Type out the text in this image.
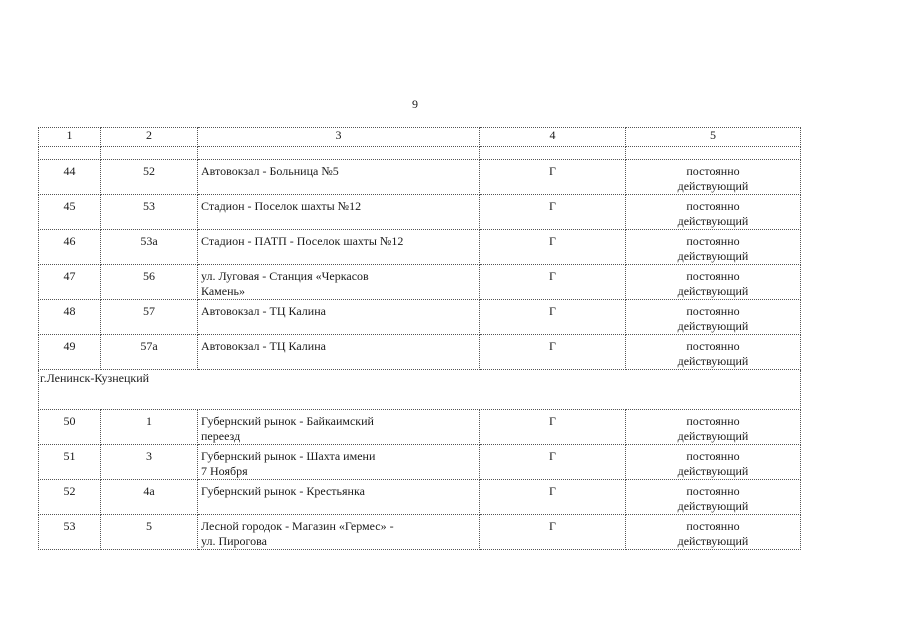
9
1	2	3	4	5

44	52	Автовокзал - Больница №5	Г	постоянно
действующий

45	53	Стадион - Поселок шахты №12	Г	постоянно
действующий

46	53а	Стадион - ПАТП - Поселок шахты №12	Г	постоянно
действующий

47	56	ул. Луговая - Станция «Черкасов
Камень»	Г	постоянно
действующий

48	57	Автовокзал - ТЦ Калина	Г	постоянно
действующий

49	57а	Автовокзал - ТЦ Калина	Г	постоянно
действующий

г.Ленинск-Кузнецкий				
50	1	Губернский рынок - Байкаимский
переезд	Г	постоянно
действующий

51	3	Губернский рынок - Шахта имени
7 Ноября	Г	постоянно
действующий

52	4а	Губернский рынок - Крестьянка	Г	постоянно
действующий

53	5	Лесной городок - Магазин «Гермес» -
ул. Пирогова	Г	постоянно
действующий
